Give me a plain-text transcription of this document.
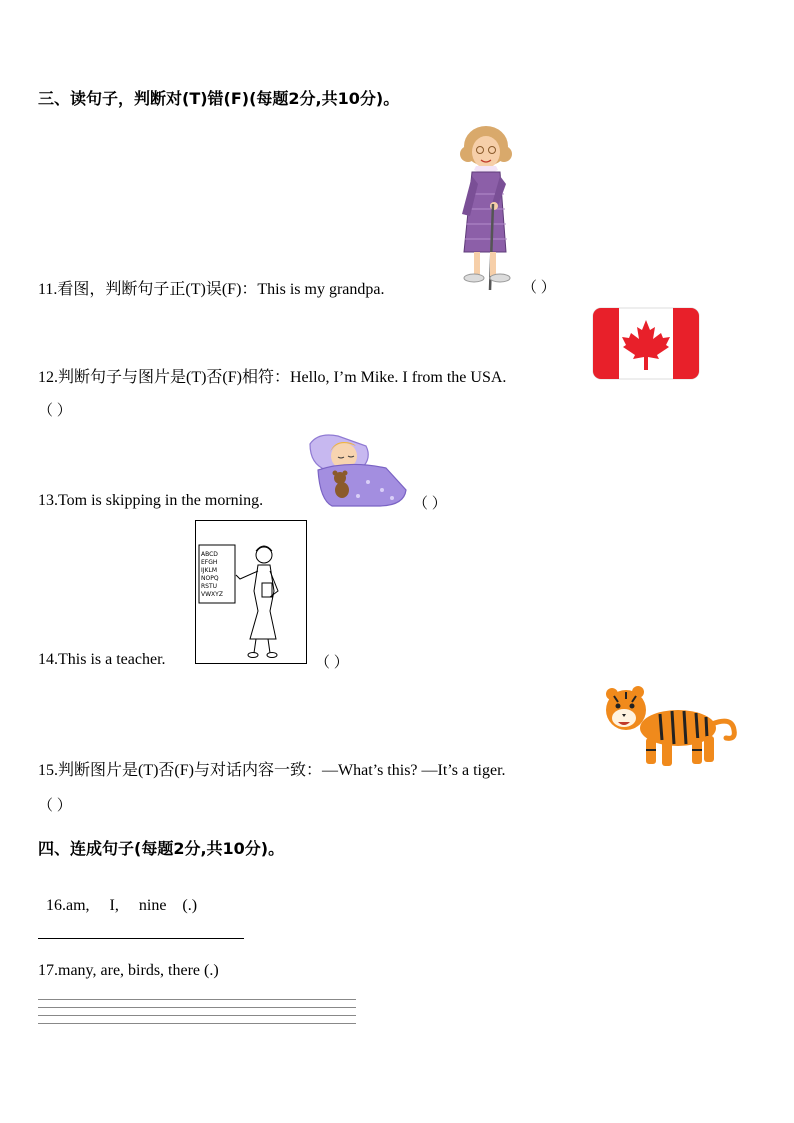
三、读句子，判断对(T)错(F)(每题2分,共10分)。
11.看图，判断句子正(T)误(F)：This is my grandpa.	（ ）
12.判断句子与图片是(T)否(F)相符：Hello, I’m Mike. I from the USA.
（ ）
13.Tom is skipping in the morning.	（ ）
ABCD
EFGH
IJKLM
NOPQ
RSTU
VWXYZ
14.This is a teacher.	（ ）
15.判断图片是(T)否(F)与对话内容一致：—What’s this? —It’s a tiger.
（ ）
四、连成句子(每题2分,共10分)。

16.am,     I,     nine    (.)

17.many, are, birds, there (.)
